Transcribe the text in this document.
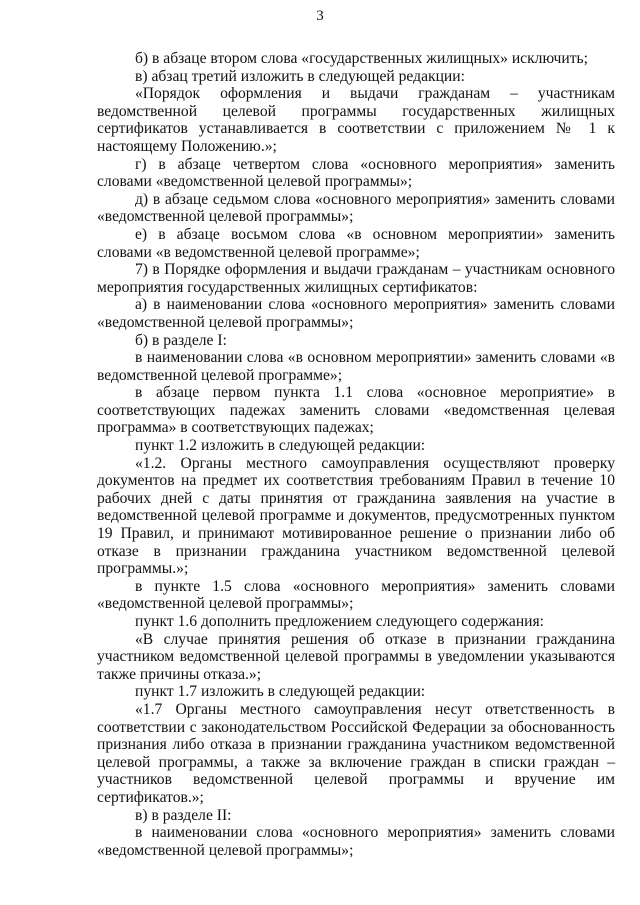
3

б) в абзаце втором слова «государственных жилищных» исключить;

в) абзац третий изложить в следующей редакции:

«Порядок оформления и выдачи гражданам – участникам ведомственной целевой программы государственных жилищных сертификатов устанавливается в соответствии с приложением № 1 к настоящему Положению.»;

г) в абзаце четвертом слова «основного мероприятия» заменить словами «ведомственной целевой программы»;

д) в абзаце седьмом слова «основного мероприятия» заменить словами «ведомственной целевой программы»;

е) в абзаце восьмом слова «в основном мероприятии» заменить словами «в ведомственной целевой программе»;

7) в Порядке оформления и выдачи гражданам – участникам основного мероприятия государственных жилищных сертификатов:

а) в наименовании слова «основного мероприятия» заменить словами «ведомственной целевой программы»;

б) в разделе I:

в наименовании слова «в основном мероприятии» заменить словами «в ведомственной целевой программе»;

в абзаце первом пункта 1.1 слова «основное мероприятие» в соответствующих падежах заменить словами «ведомственная целевая программа» в соответствующих падежах;

пункт 1.2 изложить в следующей редакции:

«1.2. Органы местного самоуправления осуществляют проверку документов на предмет их соответствия требованиям Правил в течение 10 рабочих дней с даты принятия от гражданина заявления на участие в ведомственной целевой программе и документов, предусмотренных пунктом 19 Правил, и принимают мотивированное решение о признании либо об отказе в признании гражданина участником ведомственной целевой программы.»;

в пункте 1.5 слова «основного мероприятия» заменить словами «ведомственной целевой программы»;

пункт 1.6 дополнить предложением следующего содержания:

«В случае принятия решения об отказе в признании гражданина участником ведомственной целевой программы в уведомлении указываются также причины отказа.»;

пункт 1.7 изложить в следующей редакции:

«1.7 Органы местного самоуправления несут ответственность в соответствии с законодательством Российской Федерации за обоснованность признания либо отказа в признании гражданина участником ведомственной целевой программы, а также за включение граждан в списки граждан – участников ведомственной целевой программы и вручение им сертификатов.»;

в) в разделе II:

в наименовании слова «основного мероприятия» заменить словами «ведомственной целевой программы»;
